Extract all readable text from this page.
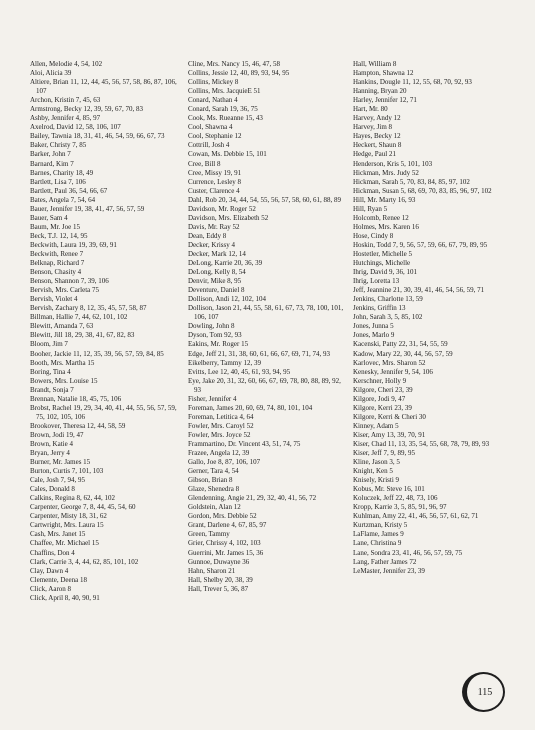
Allen, Melodie 4, 54, 102

Aloi, Alicia 39

Altiere, Brian 11, 12, 44, 45, 56, 57, 58, 86, 87, 106, 107

Archon, Kristin 7, 45, 63

Armstrong, Becky 12, 39, 59, 67, 70, 83

Ashby, Jennifer 4, 85, 97

Axelrod, David 12, 58, 106, 107

Bailey, Tawnia 18, 31, 41, 46, 54, 59, 66, 67, 73

Baker, Christy 7, 85

Barker, John 7

Barnard, Kim 7

Barnes, Charity 18, 49

Bartlett, Lisa 7, 106

Bartlett, Paul 36, 54, 66, 67

Bates, Angela 7, 54, 64

Bauer, Jennifer 19, 38, 41, 47, 56, 57, 59

Bauer, Sam 4

Baum, Mr. Joe 15

Beck, T.J. 12, 14, 95

Beckwith, Laura 19, 39, 69, 91

Beckwith, Renee 7

Belknap, Richard 7

Benson, Chasity 4

Benson, Shannon 7, 39, 106

Bervish, Mrs. Carleta 75

Bervish, Violet 4

Bervish, Zachary 8, 12, 35, 45, 57, 58, 87

Billman, Hallie 7, 44, 62, 101, 102

Blewitt, Amanda 7, 63

Blewitt, Jill 18, 29, 38, 41, 67, 82, 83

Bloom, Jim 7

Booher, Jackie 11, 12, 35, 39, 56, 57, 59, 84, 85

Booth, Mrs. Martha 15

Boring, Tina 4

Bowers, Mrs. Louise 15

Brandt, Sonja 7

Brennan, Natalie 18, 45, 75, 106

Brobst, Rachel 19, 29, 34, 40, 41, 44, 55, 56, 57, 59, 75, 102, 105, 106

Brookover, Theresa 12, 44, 58, 59

Brown, Jodi 19, 47

Brown, Katie 4

Bryan, Jerry 4

Burner, Mr. James 15

Burton, Curtis 7, 101, 103

Cale, Josh 7, 94, 95

Cales, Donald 8

Calkins, Regina 8, 62, 44, 102

Carpenter, George 7, 8, 44, 45, 54, 60

Carpenter, Misty 18, 31, 62

Cartwright, Mrs. Laura 15

Cash, Mrs. Janet 15

Chaffee, Mr. Michael 15

Chaffins, Don 4

Clark, Carrie 3, 4, 44, 62, 85, 101, 102

Clay, Dawn 4

Clemente, Deena 18

Click, Aaron 8

Click, April 8, 40, 90, 91

Cline, Mrs. Nancy 15, 46, 47, 58

Collins, Jessie 12, 40, 89, 93, 94, 95

Collins, Mickey 8

Collins, Mrs. JacquieE 51

Conard, Nathan 4

Conard, Sarah 19, 36, 75

Cook, Ms. Rueanne 15, 43

Cool, Shawna 4

Cool, Stephanie 12

Cottrill, Josh 4

Cowan, Ms. Debbie 15, 101

Cree, Bill 8

Cree, Missy 19, 91

Currence, Lesley 8

Custer, Clarence 4

Dahl, Rob 20, 34, 44, 54, 55, 56, 57, 58, 60, 61, 88, 89

Davidson, Mr. Roger 52

Davidson, Mrs. Elizabeth 52

Davis, Mr. Ray 52

Dean, Eddy 8

Decker, Krissy 4

Decker, Mark 12, 14

DeLong, Karrie 20, 36, 39

DeLong, Kelly 8, 54

Denvir, Mike 8, 95

Deventure, Daniel 8

Dollison, Andi 12, 102, 104

Dollison, Jason 21, 44, 55, 58, 61, 67, 73, 78, 100, 101, 106, 107

Dowling, John 8

Dyson, Tom 92, 93

Eakins, Mr. Roger 15

Edge, Jeff 21, 31, 38, 60, 61, 66, 67, 69, 71, 74, 93

Eikelberry, Tammy 12, 39

Evitts, Lee 12, 40, 45, 61, 93, 94, 95

Eye, Jake 20, 31, 32, 60, 66, 67, 69, 78, 80, 88, 89, 92, 93

Fisher, Jennifer 4

Foreman, James 20, 60, 69, 74, 80, 101, 104

Foreman, Letitica 4, 64

Fowler, Mrs. Caroyl 52

Fowler, Mrs. Joyce 52

Frammartino, Dr. Vincent 43, 51, 74, 75

Frazee, Angela 12, 39

Gallo, Joe 8, 87, 106, 107

Gerner, Tara 4, 54

Gibson, Brian 8

Glaze, Shenedra 8

Glendenning, Angie 21, 29, 32, 40, 41, 56, 72

Goldstein, Alan 12

Gordon, Mrs. Debbie 52

Grant, Darlene 4, 67, 85, 97

Green, Tammy

Grier, Chrissy 4, 102, 103

Guerrini, Mr. James 15, 36

Gunnoe, Duwayne 36

Hahn, Sharon 21

Hall, Shelby 20, 38, 39

Hall, Trever 5, 36, 87

Hall, William 8

Hampton, Shawna 12

Hankins, Dougle 11, 12, 55, 68, 70, 92, 93

Hanning, Bryan 20

Harley, Jennifer 12, 71

Hart, Mr. 80

Harvey, Andy 12

Harvey, Jim 8

Hayes, Becky 12

Heckert, Shaun 8

Hedge, Paul 21

Henderson, Kris 5, 101, 103

Hickman, Mrs. Judy 52

Hickman, Sarah 5, 70, 83, 84, 85, 97, 102

Hickman, Susan 5, 68, 69, 70, 83, 85, 96, 97, 102

Hill, Mr. Marty 16, 93

Hill, Ryan 5

Holcomb, Renee 12

Holmes, Mrs. Karen 16

Hose, Cindy 8

Hoskin, Todd 7, 9, 56, 57, 59, 66, 67, 79, 89, 95

Hostetler, Michelle 5

Hutchings, Michelle

Ihrig, David 9, 36, 101

Ihrig, Loretta 13

Jeff, Jeannine 21, 30, 39, 41, 46, 54, 56, 59, 71

Jenkins, Charlotte 13, 59

Jenkins, Griffin 13

John, Sarah 3, 5, 85, 102

Jones, Junna 5

Jones, Marlo 9

Kacenski, Patty 22, 31, 54, 55, 59

Kadow, Mary 22, 30, 44, 56, 57, 59

Karlovec, Mrs. Sharon 52

Kenesky, Jennifer 9, 54, 106

Kerschner, Holly 9

Kilgore, Cheri 23, 39

Kilgore, Jodi 9, 47

Kilgore, Kerri 23, 39

Kilgore, Kerri & Cheri 30

Kinney, Adam 5

Kiser, Amy 13, 39, 70, 91

Kiser, Chad 11, 13, 35, 54, 55, 68, 78, 79, 89, 93

Kiser, Jeff 7, 9, 89, 95

Kline, Jason 3, 5

Knight, Ken 5

Knisely, Kristi 9

Kobus, Mr. Steve 16, 101

Koluczek, Jeff 22, 48, 73, 106

Kropp, Karrie 3, 5, 85, 91, 96, 97

Kuhlman, Amy 22, 41, 46, 56, 57, 61, 62, 71

Kurtzman, Kristy 5

LaFlame, James 9

Lane, Christina 9

Lane, Sondra 23, 41, 46, 56, 57, 59, 75

Lang, Father James 72

LeMaster, Jennifer 23, 39

115
